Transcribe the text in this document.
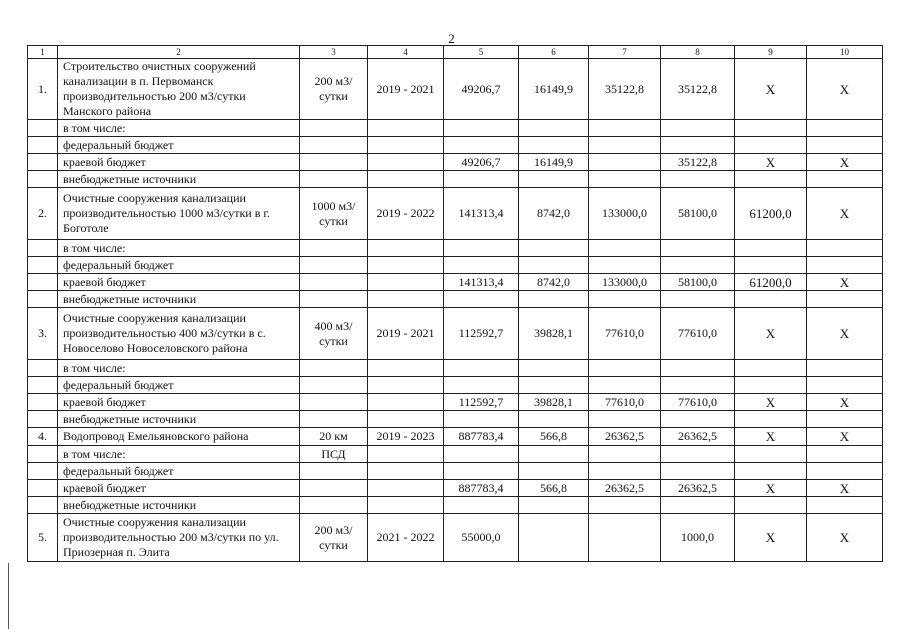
2
1	2	3	4	5	6	7	8	9	10
1.	Строительство очистных сооружений канализации в п. Первоманск производительностью 200 м3/сутки Манского района	200 м3/сутки	2019 - 2021	49206,7	16149,9	35122,8	35122,8	Х	Х
	в том числе:								
	федеральный бюджет								
	краевой бюджет			49206,7	16149,9		35122,8	Х	Х
	внебюджетные источники								
2.	Очистные сооружения канализации производительностью 1000 м3/сутки в г. Боготоле	1000 м3/сутки	2019 - 2022	141313,4	8742,0	133000,0	58100,0	61200,0	Х
	в том числе:								
	федеральный бюджет								
	краевой бюджет			141313,4	8742,0	133000,0	58100,0	61200,0	Х
	внебюджетные источники								
3.	Очистные сооружения канализации производительностью 400 м3/сутки в с. Новоселово Новоселовского района	400 м3/сутки	2019 - 2021	112592,7	39828,1	77610,0	77610,0	Х	Х
	в том числе:								
	федеральный бюджет								
	краевой бюджет			112592,7	39828,1	77610,0	77610,0	Х	Х
	внебюджетные источники								
4.	Водопровод Емельяновского района	20 км	2019 - 2023	887783,4	566,8	26362,5	26362,5	Х	Х
	в том числе:	ПСД							
	федеральный бюджет								
	краевой бюджет			887783,4	566,8	26362,5	26362,5	Х	Х
	внебюджетные источники								
5.	Очистные сооружения канализации производительностью 200 м3/сутки по ул. Приозерная п. Элита	200 м3/сутки	2021 - 2022	55000,0			1000,0	Х	Х
